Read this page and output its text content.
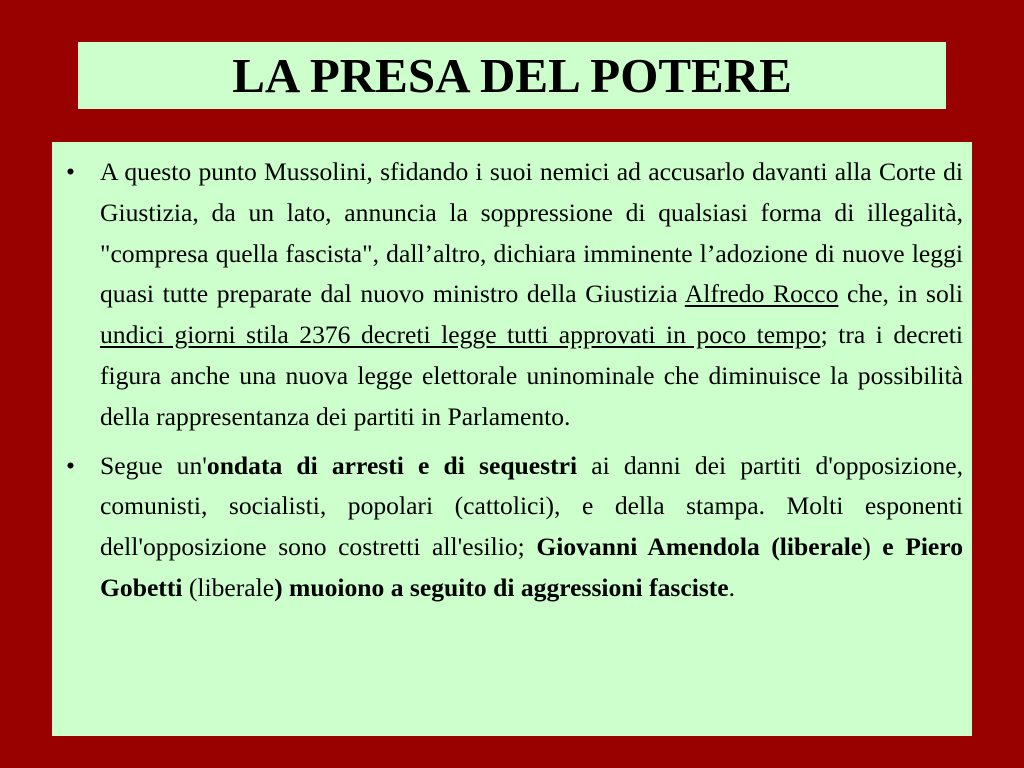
LA PRESA DEL POTERE
• A questo punto Mussolini, sfidando i suoi nemici ad accusarlo davanti alla Corte di Giustizia, da un lato, annuncia la soppressione di qualsiasi forma di illegalità, "compresa quella fascista", dall’altro, dichiara imminente l’adozione di nuove leggi quasi tutte preparate dal nuovo ministro della Giustizia Alfredo Rocco che, in soli undici giorni stila 2376 decreti legge tutti approvati in poco tempo; tra i decreti figura anche una nuova legge elettorale uninominale che diminuisce la possibilità della rappresentanza dei partiti in Parlamento.
• Segue un'ondata di arresti e di sequestri ai danni dei partiti d'opposizione, comunisti, socialisti, popolari (cattolici), e della stampa. Molti esponenti dell'opposizione sono costretti all'esilio; Giovanni Amendola (liberale) e Piero Gobetti (liberale) muoiono a seguito di aggressioni fasciste.
